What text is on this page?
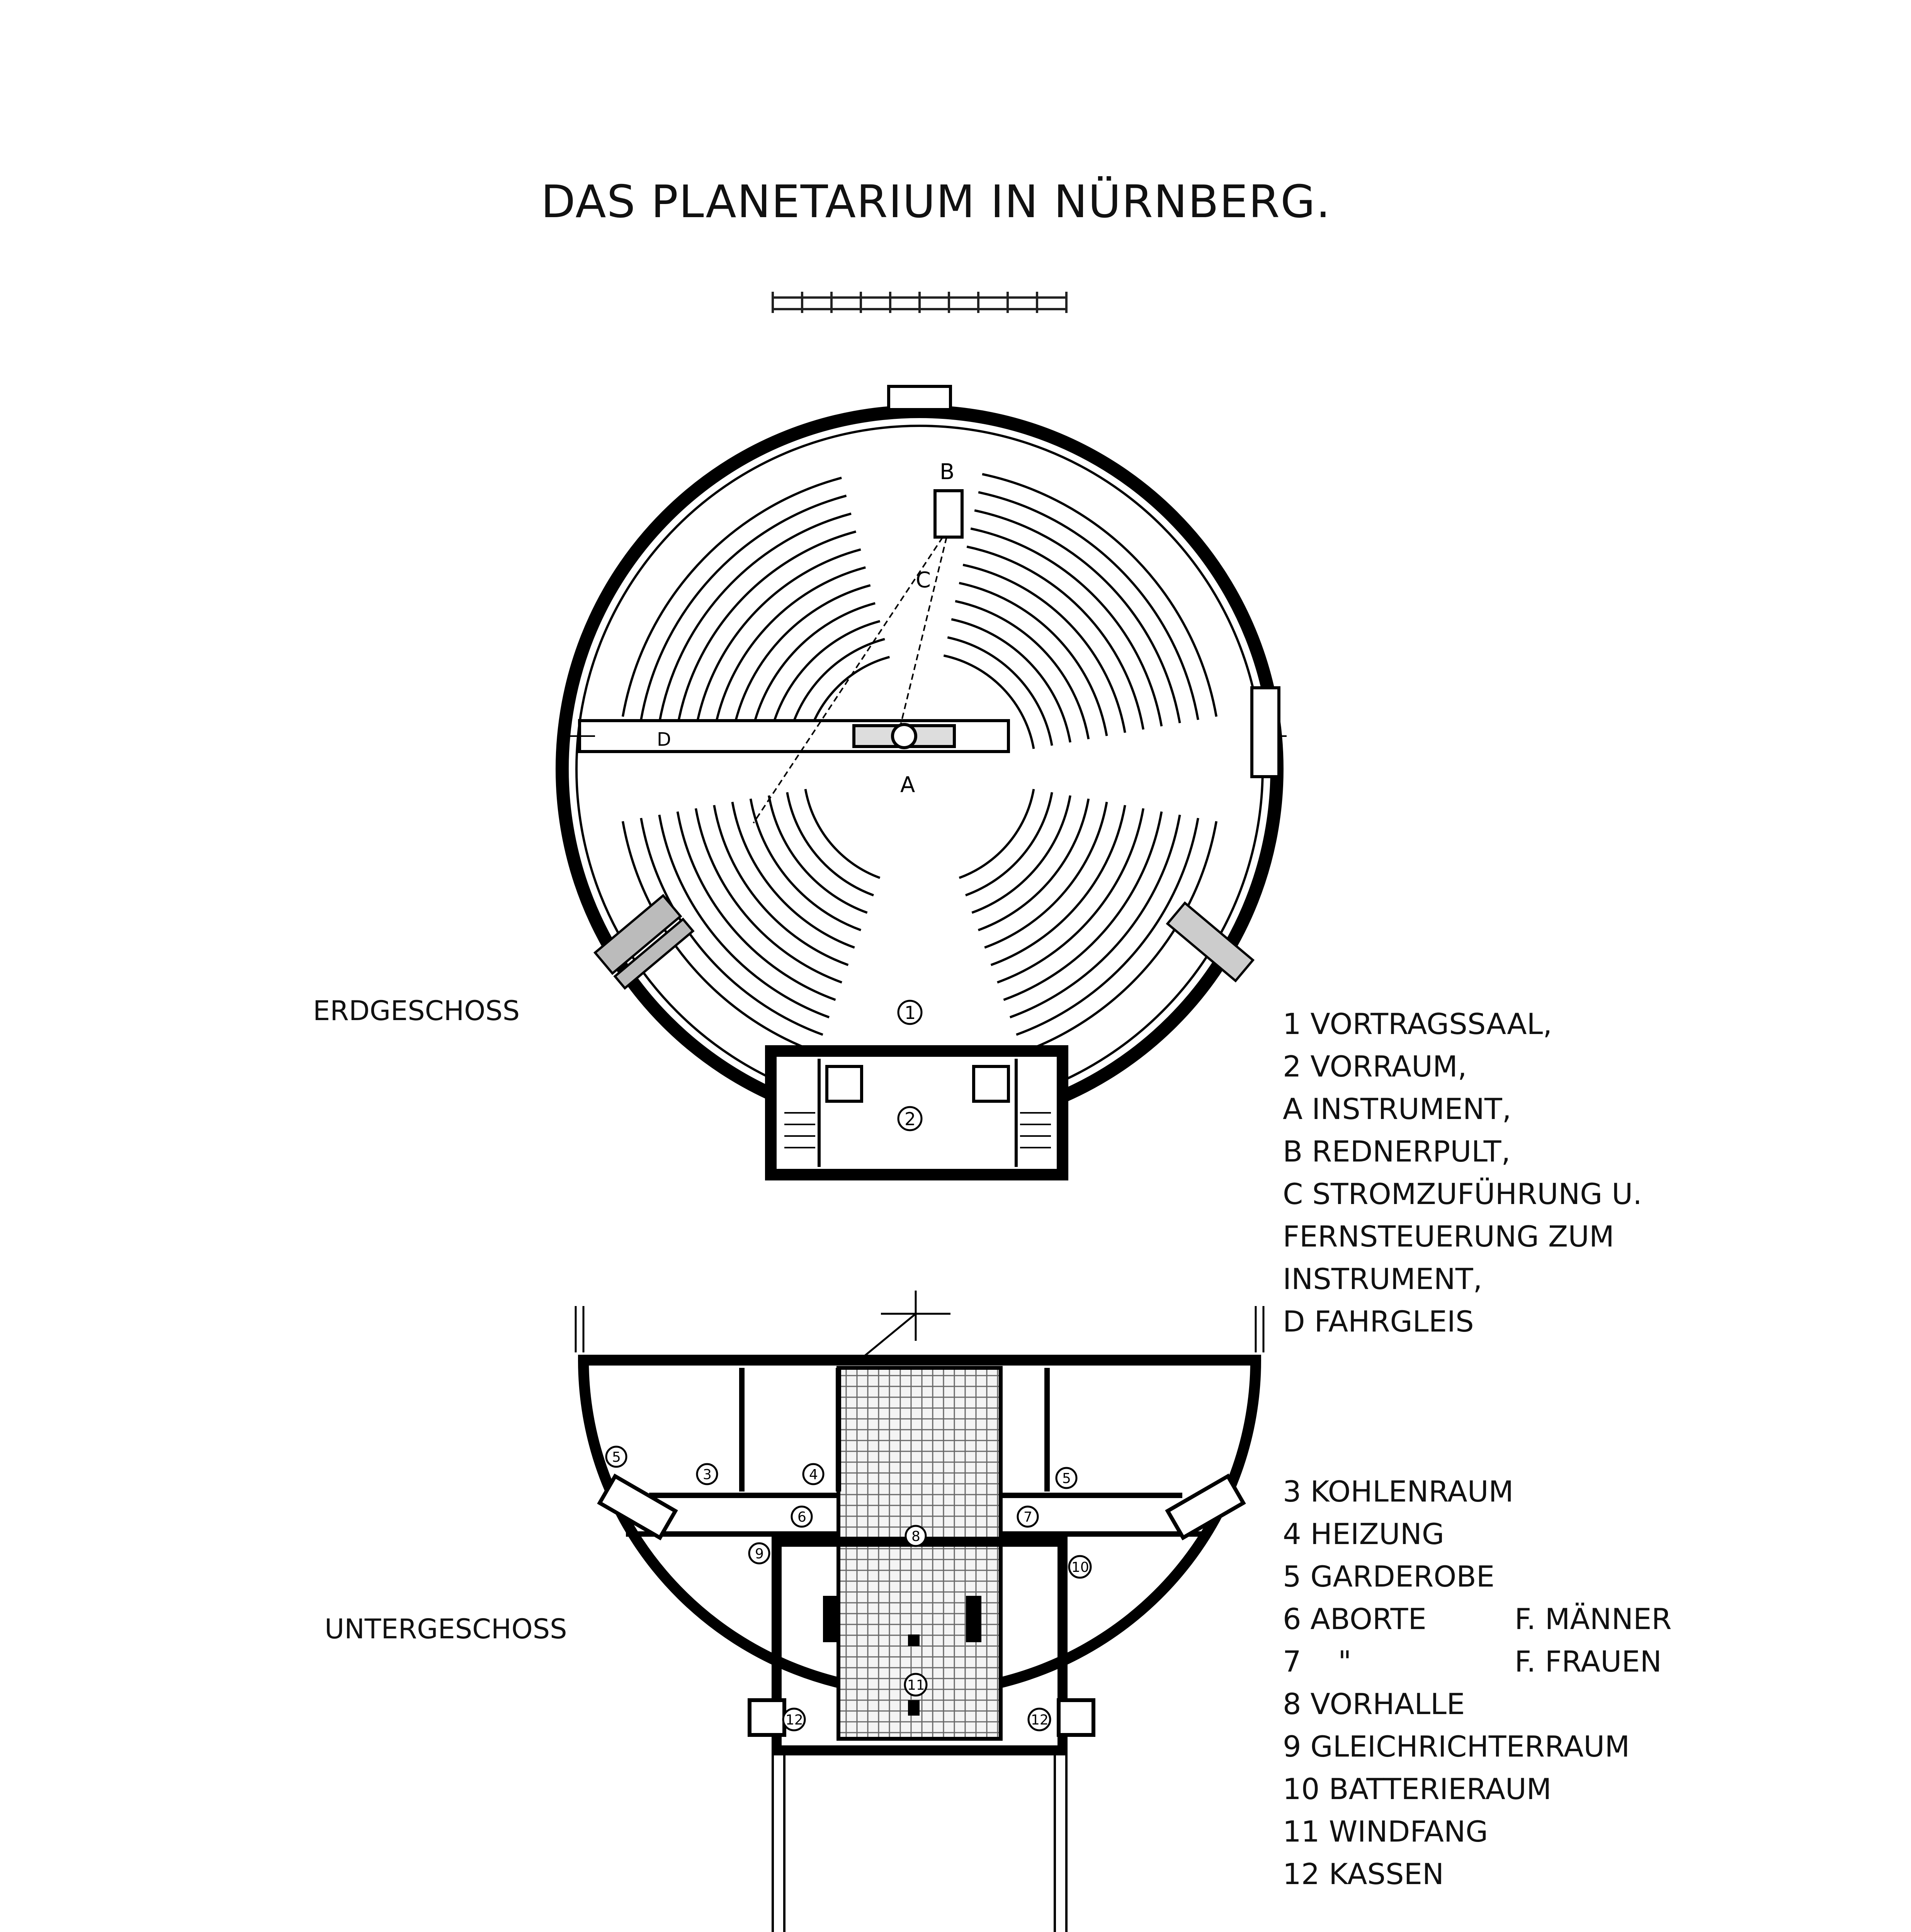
DAS PLANETARIUM IN NÜRNBERG.
B
C
D
A
1
2
3	4
5
5
6	7
8
9
10
11
12	12
ERDGESCHOSS
UNTERGESCHOSS
1 VORTRAGSSAAL,
2 VORRAUM,
A INSTRUMENT,
B REDNERPULT,
C STROMZUFÜHRUNG U.
FERNSTEUERUNG ZUM
INSTRUMENT,
D FAHRGLEIS
3 KOHLENRAUM
4 HEIZUNG
5 GARDEROBE
6 ABORTE	F. MÄNNER
7    "	F. FRAUEN
8 VORHALLE
9 GLEICHRICHTERRAUM
10 BATTERIERAUM
11 WINDFANG
12 KASSEN
